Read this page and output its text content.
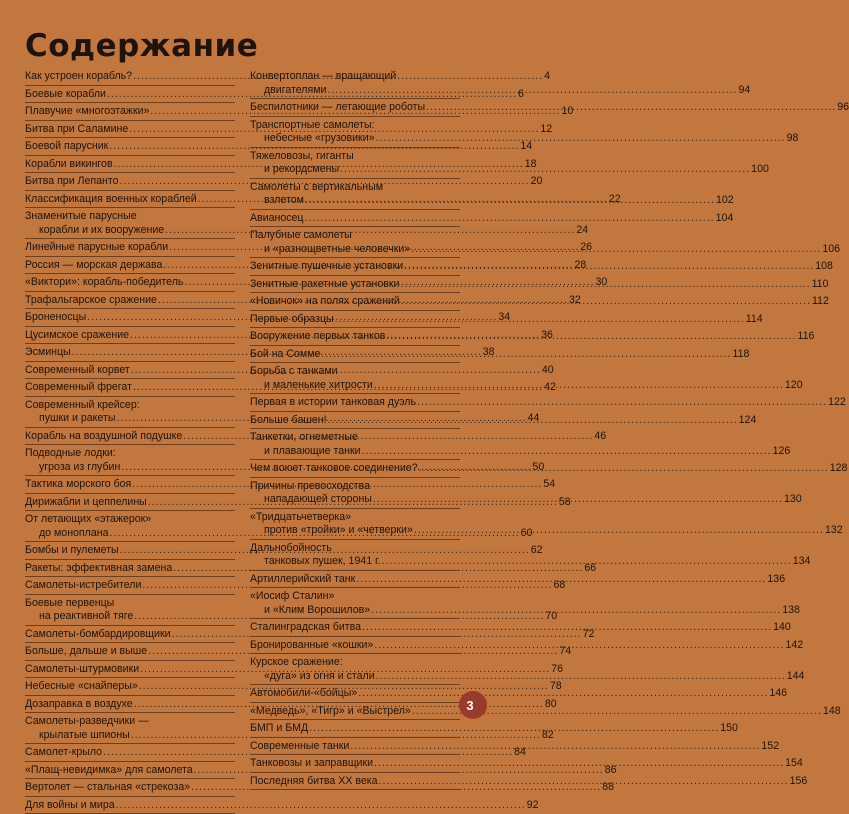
Содержание
Как устроен корабль? .....	4
Боевые корабли .....	6
Плавучие «многоэтажки» .....	10
Битва при Саламине .....	12
Боевой парусник .....	14
Корабли викингов .....	18
Битва при Лепанто .....	20
Классификация военных кораблей .....	22
Знаменитые парусные
корабли и их вооружение .....	24
Линейные парусные корабли .....	26
Россия — морская держава .....	28
«Виктори»: корабль-победитель .....	30
Трафальгарское сражение .....	32
Броненосцы .....	34
Цусимское сражение .....	36
Эсминцы .....	38
Современный корвет .....	40
Современный фрегат .....	42
Современный крейсер:
пушки и ракеты .....	44
Корабль на воздушной подушке .....	46
Подводные лодки:
угроза из глубин .....	50
Тактика морского боя .....	54
Дирижабли и цеппелины .....	58
От летающих «этажерок»
до моноплана .....	60
Бомбы и пулеметы .....	62
Ракеты: эффективная замена .....	66
Самолеты-истребители .....	68
Боевые первенцы
на реактивной тяге .....	70
Самолеты-бомбардировщики .....	72
Больше, дальше и выше .....	74
Самолеты-штурмовики .....	76
Небесные «снайперы» .....	78
Дозаправка в воздухе .....	80
Самолеты-разведчики —
крылатые шпионы .....	82
Самолет-крыло .....	84
«Плащ-невидимка» для самолета .....	86
Вертолет — стальная «стрекоза» .....	88
Для войны и мира .....	92
Конвертоплан — вращающий
двигателями .....	94
Беспилотники — летающие роботы .....	96
Транспортные самолеты:
небесные «грузовики» .....	98
Тяжеловозы, гиганты
и рекордсмены .....	100
Самолеты с вертикальным
взлетом .....	102
Авианосец .....	104
Палубные самолеты
и «разнощветные человечки» .....	106
Зенитные пушечные установки .....	108
Зенитные ракетные установки .....	110
«Новичок» на полях сражений .....	112
Первые образцы .....	114
Вооружение первых танков .....	116
Бой на Сомме .....	118
Борьба с танками
и маленькие хитрости .....	120
Первая в истории танковая дуэль .....	122
Больше башен! .....	124
Танкетки, огнеметные
и плавающие танки .....	126
Чем воюет танковое соединение? .....	128
Причины превосходства
нападающей стороны .....	130
«Тридцатьчетверка»
против «тройки» и «четверки» .....	132
Дальнобойность
танковых пушек, 1941 г. .....	134
Артиллерийский танк .....	136
«Иосиф Сталин»
и «Клим Ворошилов» .....	138
Сталинградская битва .....	140
Бронированные «кошки» .....	142
Курское сражение:
«дуга» из огня и стали .....	144
Автомобили-«бойцы» .....	146
«Медведь», «Тигр» и «Выстрел» .....	148
БМП и БМД .....	150
Современные танки .....	152
Танковозы и заправщики .....	154
Последняя битва XX века .....	156
3
